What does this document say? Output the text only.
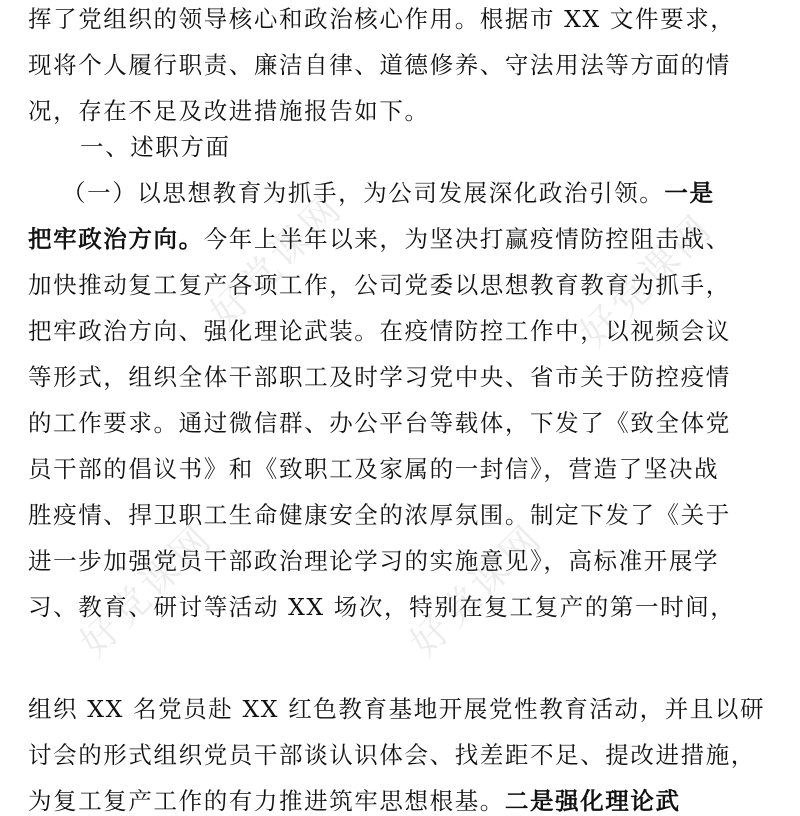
好党课网	好党课网
好党课网	好党课网
挥了党组织的领导核心和政治核心作用。根据市 XX 文件要求，
现将个人履行职责、廉洁自律、道德修养、守法用法等方面的情
况，存在不足及改进措施报告如下。
一、述职方面
（一）以思想教育为抓手，为公司发展深化政治引领。一是
把牢政治方向。今年上半年以来，为坚决打赢疫情防控阻击战、
加快推动复工复产各项工作，公司党委以思想教育教育为抓手，
把牢政治方向、强化理论武装。在疫情防控工作中，以视频会议
等形式，组织全体干部职工及时学习党中央、省市关于防控疫情
的工作要求。通过微信群、办公平台等载体，下发了《致全体党
员干部的倡议书》和《致职工及家属的一封信》，营造了坚决战
胜疫情、捍卫职工生命健康安全的浓厚氛围。制定下发了《关于
进一步加强党员干部政治理论学习的实施意见》，高标准开展学
习、教育、研讨等活动 XX 场次，特别在复工复产的第一时间，
组织 XX 名党员赴 XX 红色教育基地开展党性教育活动，并且以研
讨会的形式组织党员干部谈认识体会、找差距不足、提改进措施，
为复工复产工作的有力推进筑牢思想根基。二是强化理论武
